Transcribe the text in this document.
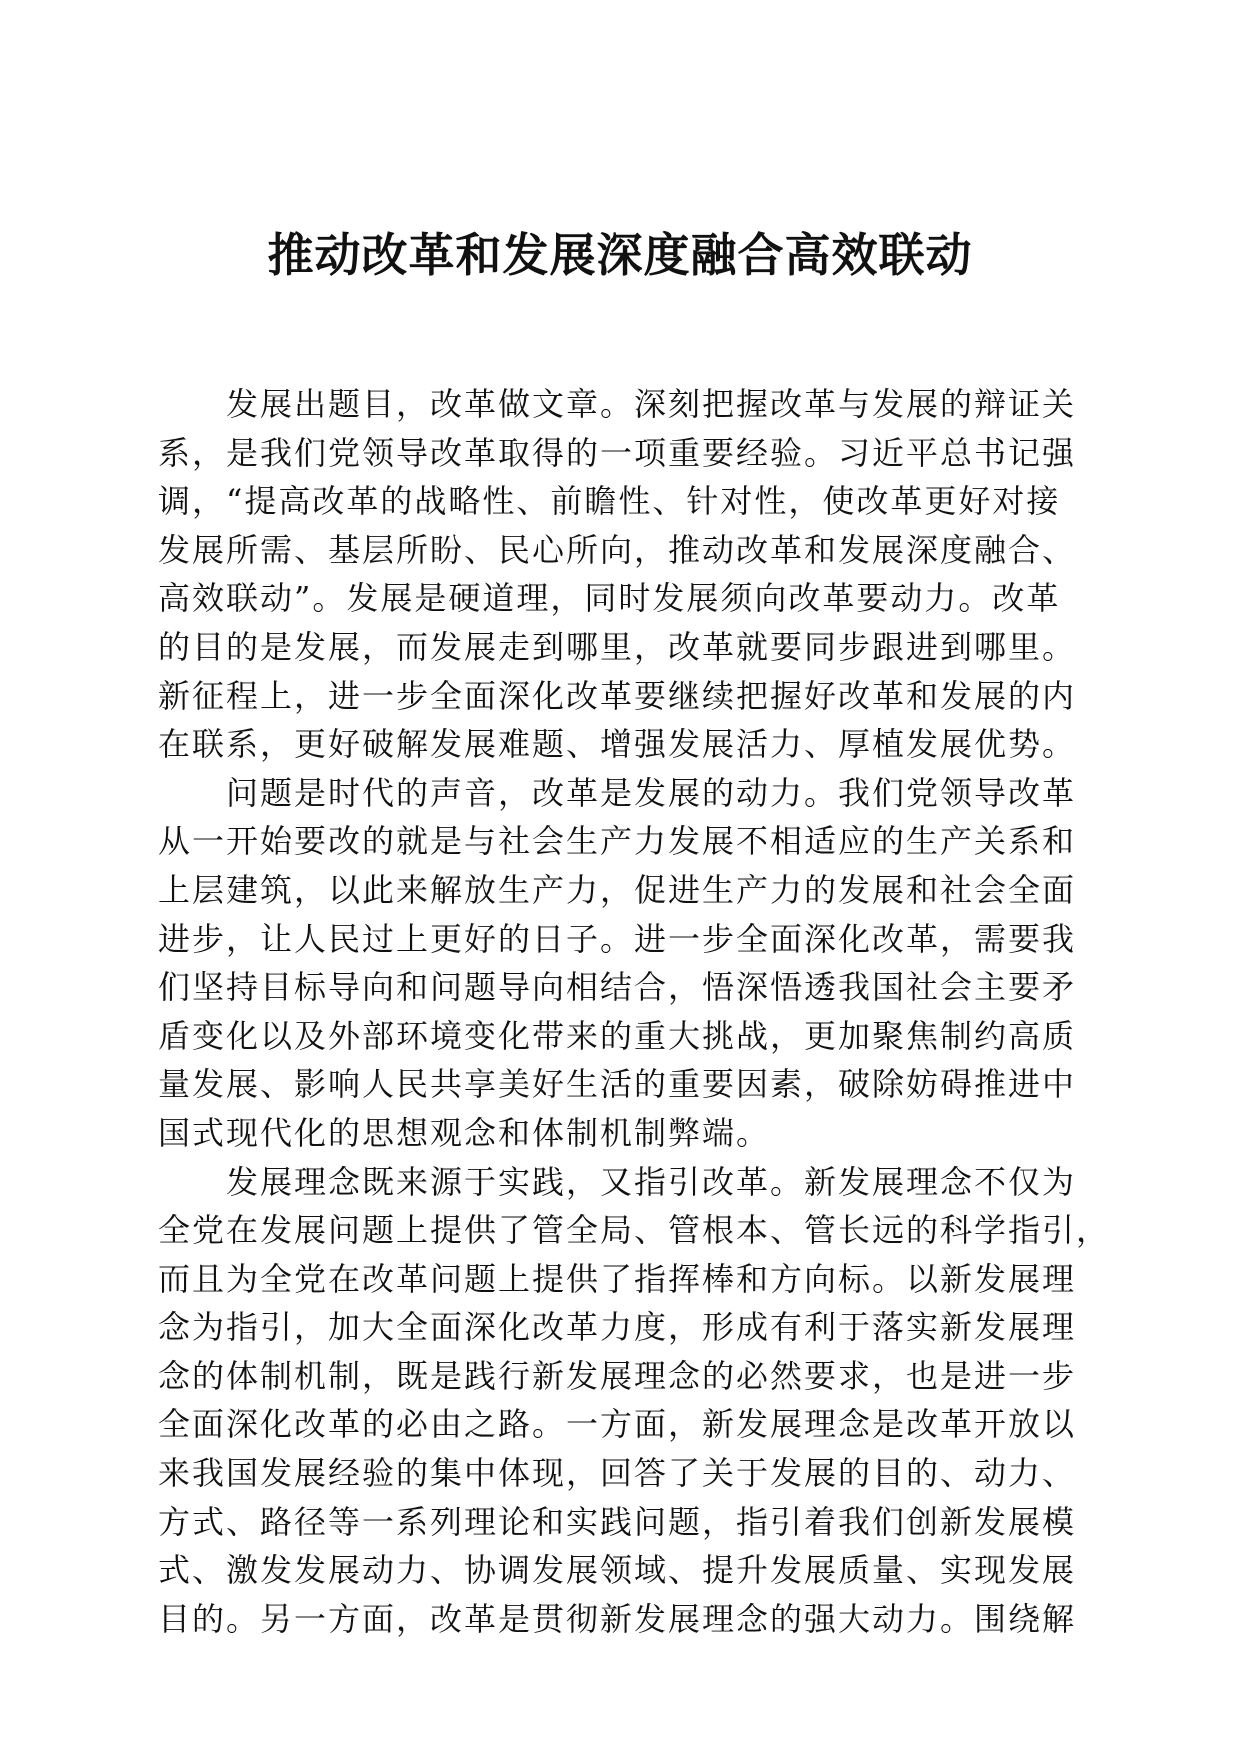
推动改革和发展深度融合高效联动
发展出题目，改革做文章。深刻把握改革与发展的辩证关
系，是我们党领导改革取得的一项重要经验。习近平总书记强
调，“提高改革的战略性、前瞻性、针对性，使改革更好对接
发展所需、基层所盼、民心所向，推动改革和发展深度融合、
高效联动”。发展是硬道理，同时发展须向改革要动力。改革
的目的是发展，而发展走到哪里，改革就要同步跟进到哪里。
新征程上，进一步全面深化改革要继续把握好改革和发展的内
在联系，更好破解发展难题、增强发展活力、厚植发展优势。
问题是时代的声音，改革是发展的动力。我们党领导改革
从一开始要改的就是与社会生产力发展不相适应的生产关系和
上层建筑，以此来解放生产力，促进生产力的发展和社会全面
进步，让人民过上更好的日子。进一步全面深化改革，需要我
们坚持目标导向和问题导向相结合，悟深悟透我国社会主要矛
盾变化以及外部环境变化带来的重大挑战，更加聚焦制约高质
量发展、影响人民共享美好生活的重要因素，破除妨碍推进中
国式现代化的思想观念和体制机制弊端。
发展理念既来源于实践，又指引改革。新发展理念不仅为
全党在发展问题上提供了管全局、管根本、管长远的科学指引，
而且为全党在改革问题上提供了指挥棒和方向标。以新发展理
念为指引，加大全面深化改革力度，形成有利于落实新发展理
念的体制机制，既是践行新发展理念的必然要求，也是进一步
全面深化改革的必由之路。一方面，新发展理念是改革开放以
来我国发展经验的集中体现，回答了关于发展的目的、动力、
方式、路径等一系列理论和实践问题，指引着我们创新发展模
式、激发发展动力、协调发展领域、提升发展质量、实现发展
目的。另一方面，改革是贯彻新发展理念的强大动力。围绕解
